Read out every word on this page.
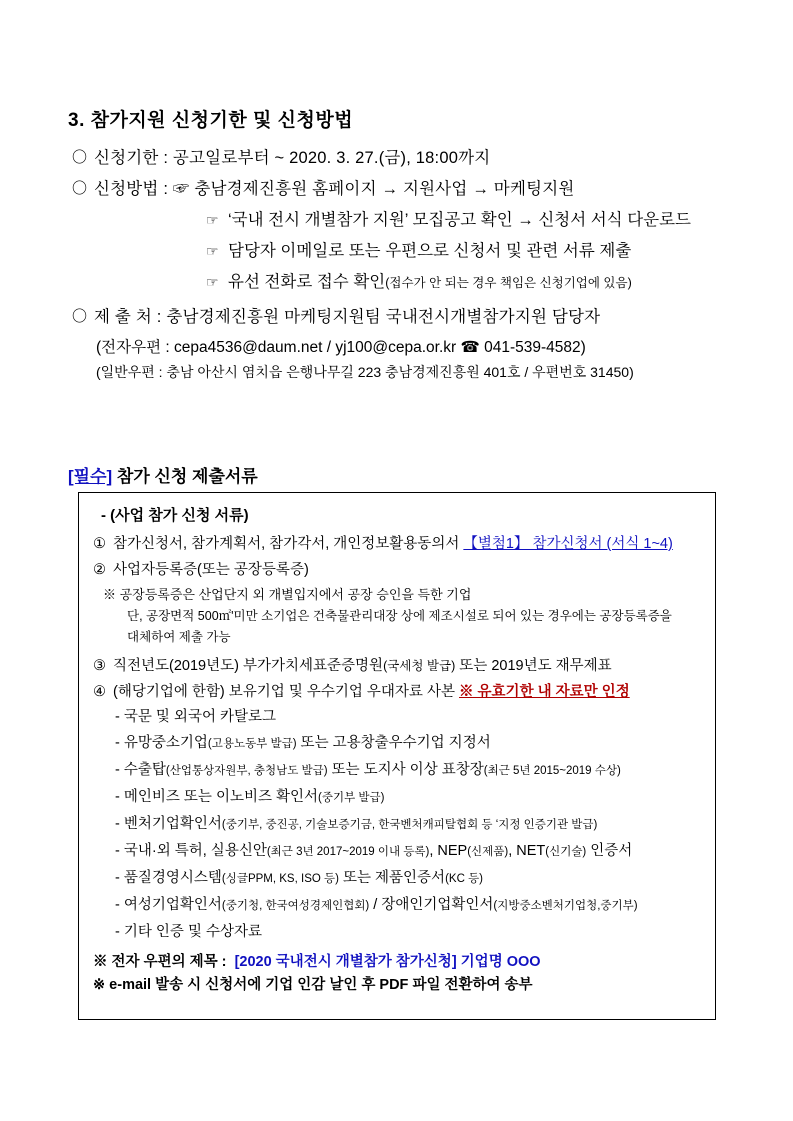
3. 참가지원 신청기한 및 신청방법
〇 신청기한 : 공고일로부터 ~ 2020. 3. 27.(금), 18:00까지
〇 신청방법 : ☞ 충남경제진흥원 홈페이지 → 지원사업 → 마케팅지원
☞ ‘국내 전시 개별참가 지원’ 모집공고 확인 → 신청서 서식 다운로드
☞ 담당자 이메일로 또는 우편으로 신청서 및 관련 서류 제출
☞ 유선 전화로 접수 확인(접수가 안 되는 경우 책임은 신청기업에 있음)
〇 제 출 처 : 충남경제진흥원 마케팅지원팀 국내전시개별참가지원 담당자
(전자우편 : cepa4536@daum.net / yj100@cepa.or.kr ☎ 041-539-4582)
(일반우편 : 충남 아산시 염치읍 은행나무길 223 충남경제진흥원 401호 / 우편번호 31450)
[필수] 참가 신청 제출서류
- (사업 참가 신청 서류)
① 참가신청서, 참가계획서, 참가각서, 개인정보활용동의서 【별첨1】 참가신청서 (서식 1~4)
② 사업자등록증(또는 공장등록증)
※ 공장등록증은 산업단지 외 개별입지에서 공장 승인을 득한 기업
단, 공장면적 500㎡'미만 소기업은 건축물관리대장 상에 제조시설로 되어 있는 경우에는 공장등록증을
대체하여 제출 가능
③ 직전년도(2019년도) 부가가치세표준증명원(국세청 발급) 또는 2019년도 재무제표
④ (해당기업에 한함) 보유기업 및 우수기업 우대자료 사본 ※ 유효기한 내 자료만 인정
- 국문 및 외국어 카탈로그
- 유망중소기업(고용노동부 발급) 또는 고용창출우수기업 지정서
- 수출탑(산업통상자원부, 충청남도 발급) 또는 도지사 이상 표창장(최근 5년 2015~2019 수상)
- 메인비즈 또는 이노비즈 확인서(중기부 발급)
- 벤처기업확인서(중기부, 중진공, 기술보증기금, 한국벤처캐피탈협회 등 ʻ지정 인증기관 발급)
- 국내·외 특허, 실용신안(최근 3년 2017~2019 이내 등록), NEP(신제품), NET(신기술) 인증서
- 품질경영시스템(싱글PPM, KS, ISO 등) 또는 제품인증서(KC 등)
- 여성기업확인서(중기청, 한국여성경제인협회) / 장애인기업확인서(지방중소벤처기업청,중기부)
- 기타 인증 및 수상자료
※ 전자 우편의 제목 : [2020 국내전시 개별참가 참가신청] 기업명 OOO
※ e-mail 발송 시 신청서에 기업 인감 날인 후 PDF 파일 전환하여 송부
